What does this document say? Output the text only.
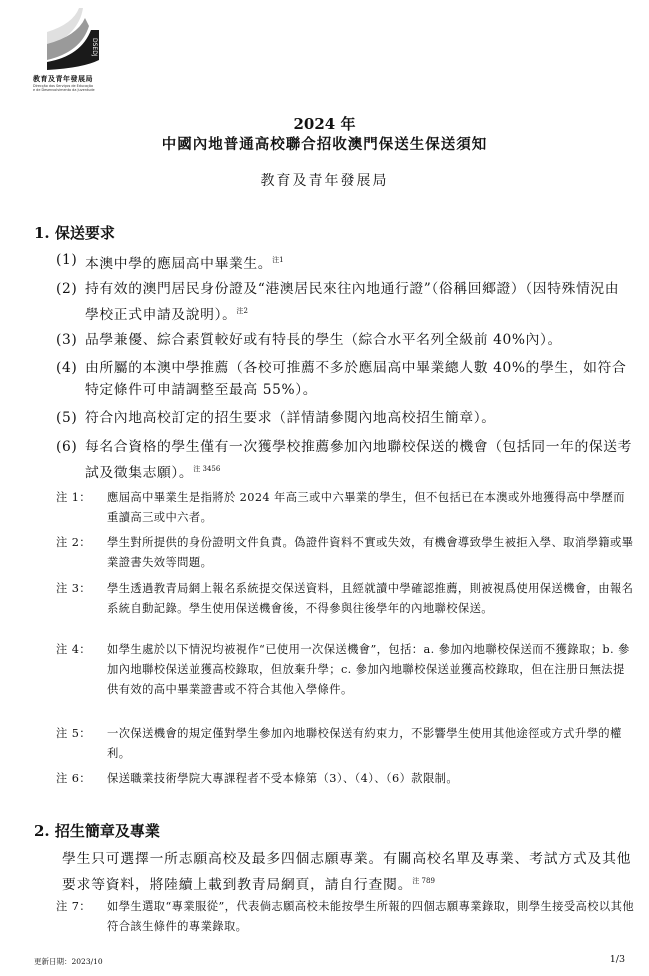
DSEDJ
教育及青年發展局
Direcção dos Serviços de Educação
e de Desenvolvimento da Juventude
2024 年
中國內地普通高校聯合招收澳門保送生保送須知
教育及青年發展局
1. 保送要求
(1) 本澳中學的應屆高中畢業生。$^{注1}$
(2) 持有效的澳門居民身份證及“港澳居民來往內地通行證”（俗稱回鄉證）（因特殊情況由學校正式申請及說明）。$^{注2}$
(3) 品學兼優、綜合素質較好或有特長的學生（綜合水平名列全級前 40%內）。
(4) 由所屬的本澳中學推薦（各校可推薦不多於應屆高中畢業總人數 40%的學生，如符合特定條件可申請調整至最高 55%）。
(5) 符合內地高校訂定的招生要求（詳情請參閱內地高校招生簡章）。
(6) 每名合資格的學生僅有一次獲學校推薦參加內地聯校保送的機會（包括同一年的保送考試及徵集志願）。$^{注 3456}$
注 1： 應屆高中畢業生是指將於 2024 年高三或中六畢業的學生，但不包括已在本澳或外地獲得高中學歷而重讀高三或中六者。
注 2： 學生對所提供的身份證明文件負責。偽證件資料不實或失效，有機會導致學生被拒入學、取消學籍或畢業證書失效等問題。
注 3： 學生透過教青局網上報名系統提交保送資料，且經就讀中學確認推薦，則被視爲使用保送機會，由報名系統自動記錄。學生使用保送機會後，不得參與往後學年的內地聯校保送。
注 4： 如學生處於以下情況均被視作“已使用一次保送機會”，包括：a. 參加內地聯校保送而不獲錄取；b. 參加內地聯校保送並獲高校錄取，但放棄升學；c. 參加內地聯校保送並獲高校錄取，但在注册日無法提供有效的高中畢業證書或不符合其他入學條件。
注 5： 一次保送機會的規定僅對學生參加內地聯校保送有約束力，不影響學生使用其他途徑或方式升學的權利。
注 6： 保送職業技術學院大專課程者不受本條第（3）、（4）、（6）款限制。
2. 招生簡章及專業
學生只可選擇一所志願高校及最多四個志願專業。有關高校名單及專業、考試方式及其他要求等資料，將陸續上載到教青局網頁，請自行查閱。$^{注 789}$
注 7： 如學生選取“專業服從”，代表倘志願高校未能按學生所報的四個志願專業錄取，則學生接受高校以其他符合該生條件的專業錄取。
更新日期：2023/10	1/3
